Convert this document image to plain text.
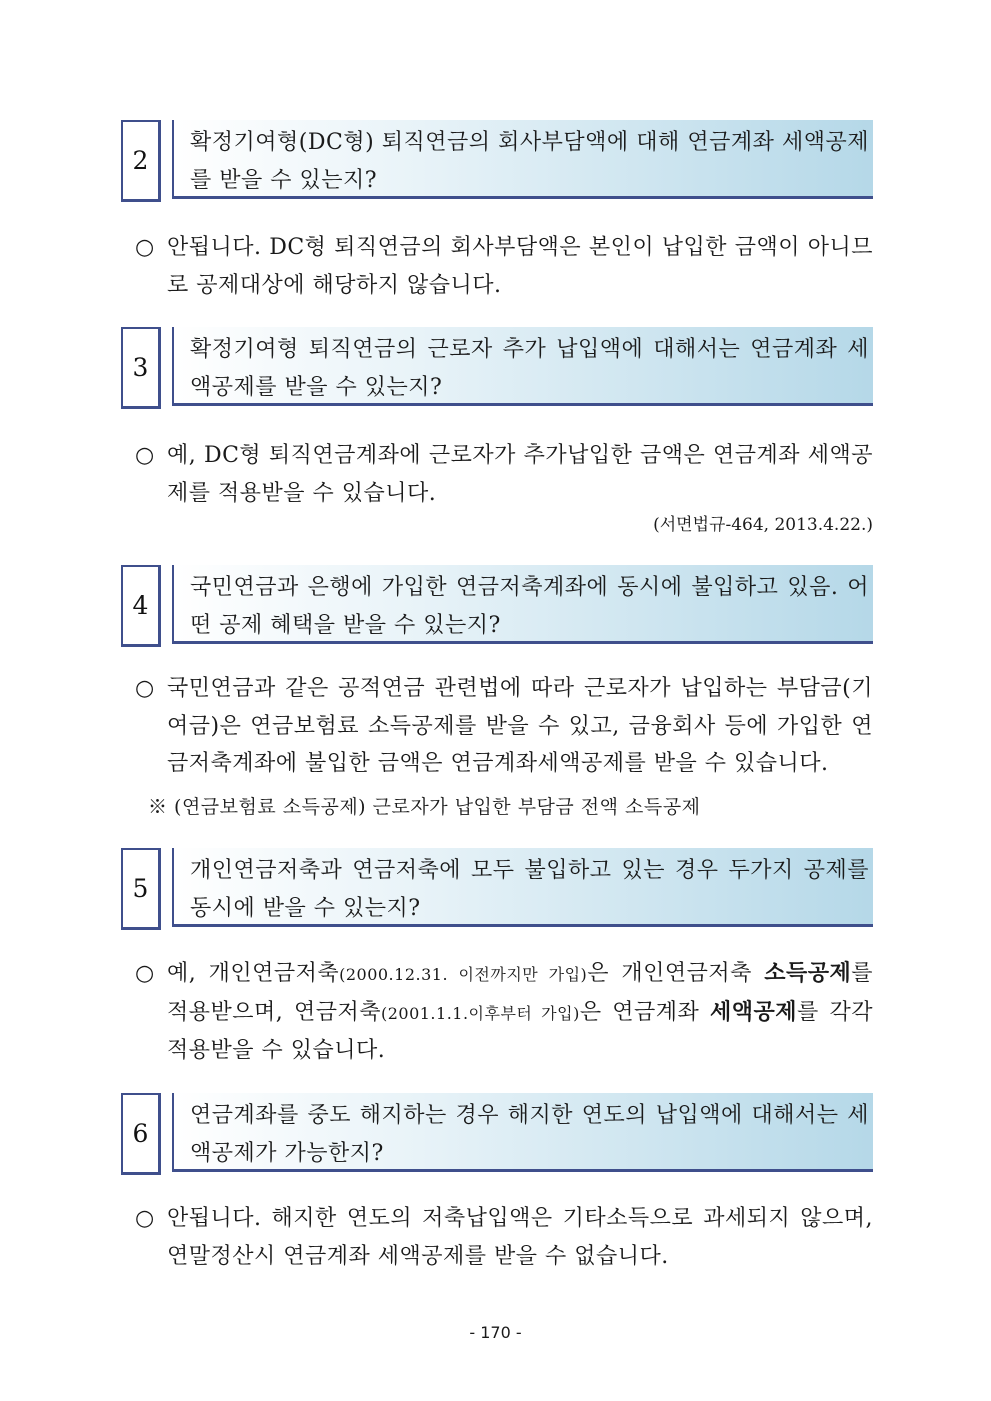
2

확정기여형(DC형) 퇴직연금의 회사부담액에 대해 연금계좌 세액공제를 받을 수 있는지?

○ 안됩니다. DC형 퇴직연금의 회사부담액은 본인이 납입한 금액이 아니므로 공제대상에 해당하지 않습니다.
3

확정기여형 퇴직연금의 근로자 추가 납입액에 대해서는 연금계좌 세액공제를 받을 수 있는지?

○ 예, DC형 퇴직연금계좌에 근로자가 추가납입한 금액은 연금계좌 세액공제를 적용받을 수 있습니다.
(서면법규-464, 2013.4.22.)
4

국민연금과 은행에 가입한 연금저축계좌에 동시에 불입하고 있음. 어떤 공제 혜택을 받을 수 있는지?

○ 국민연금과 같은 공적연금 관련법에 따라 근로자가 납입하는 부담금(기여금)은 연금보험료 소득공제를 받을 수 있고, 금융회사 등에 가입한 연금저축계좌에 불입한 금액은 연금계좌세액공제를 받을 수 있습니다.
※ (연금보험료 소득공제) 근로자가 납입한 부담금 전액 소득공제
5

개인연금저축과 연금저축에 모두 불입하고 있는 경우 두가지 공제를 동시에 받을 수 있는지?

○ 예, 개인연금저축(2000.12.31. 이전까지만 가입)은 개인연금저축 소득공제를 적용받으며, 연금저축(2001.1.1.이후부터 가입)은 연금계좌 세액공제를 각각 적용받을 수 있습니다.
6

연금계좌를 중도 해지하는 경우 해지한 연도의 납입액에 대해서는 세액공제가 가능한지?

○ 안됩니다. 해지한 연도의 저축납입액은 기타소득으로 과세되지 않으며, 연말정산시 연금계좌 세액공제를 받을 수 없습니다.
- 170 -
